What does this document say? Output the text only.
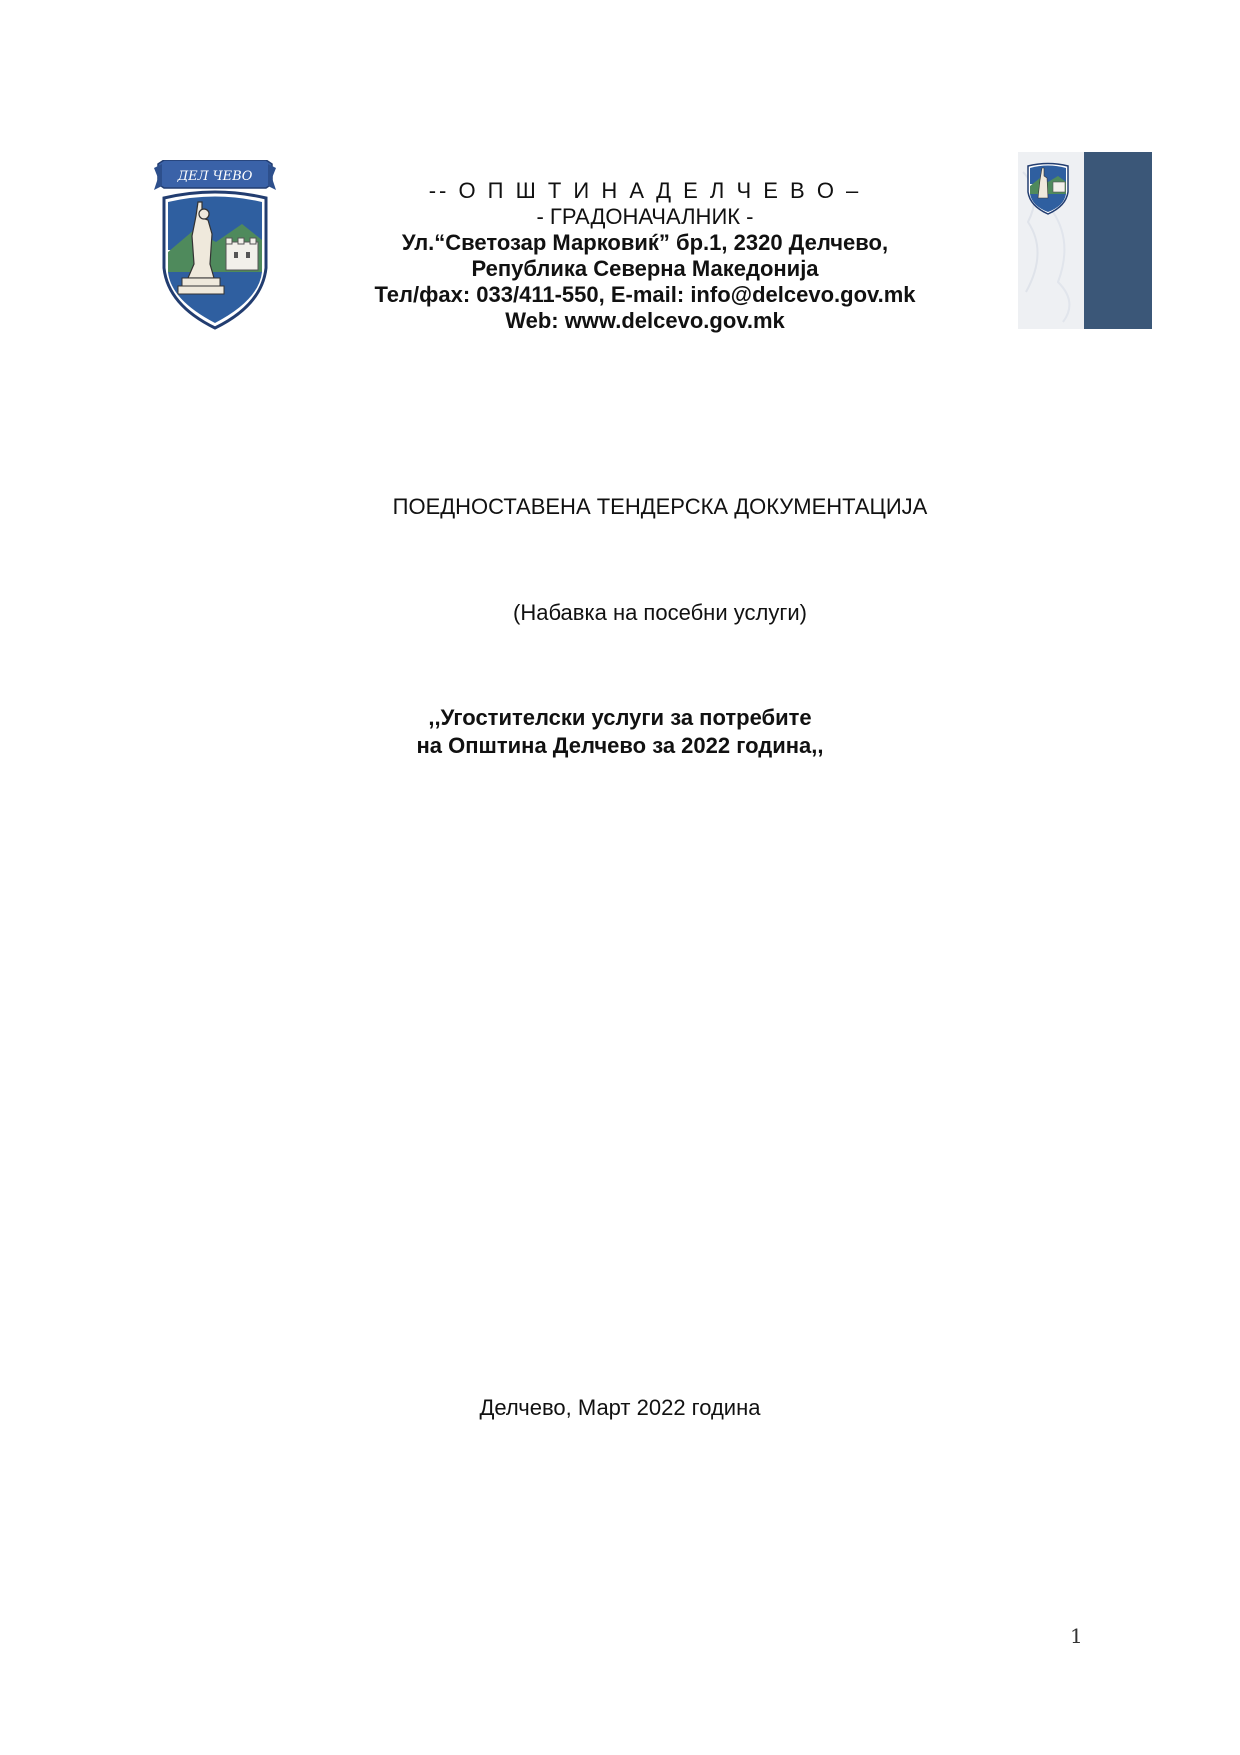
ДЕЛ ЧЕВО
-- О П Ш Т И Н А Д Е Л Ч Е В О –
- ГРАДОНАЧАЛНИК -
Ул.“Светозар Марковиќ” бр.1, 2320 Делчево,
Република Северна Македонија
Тел/фах: 033/411-550, E-mail: info@delcevo.gov.mk
Web: www.delcevo.gov.mk
ПОЕДНОСТАВЕНА ТЕНДЕРСКА ДОКУМЕНТАЦИЈА
(Набавка на посебни услуги)
,,Угостителски услуги за потребите
на Општина Делчево за 2022 година,,
Делчево, Март 2022 година
1
